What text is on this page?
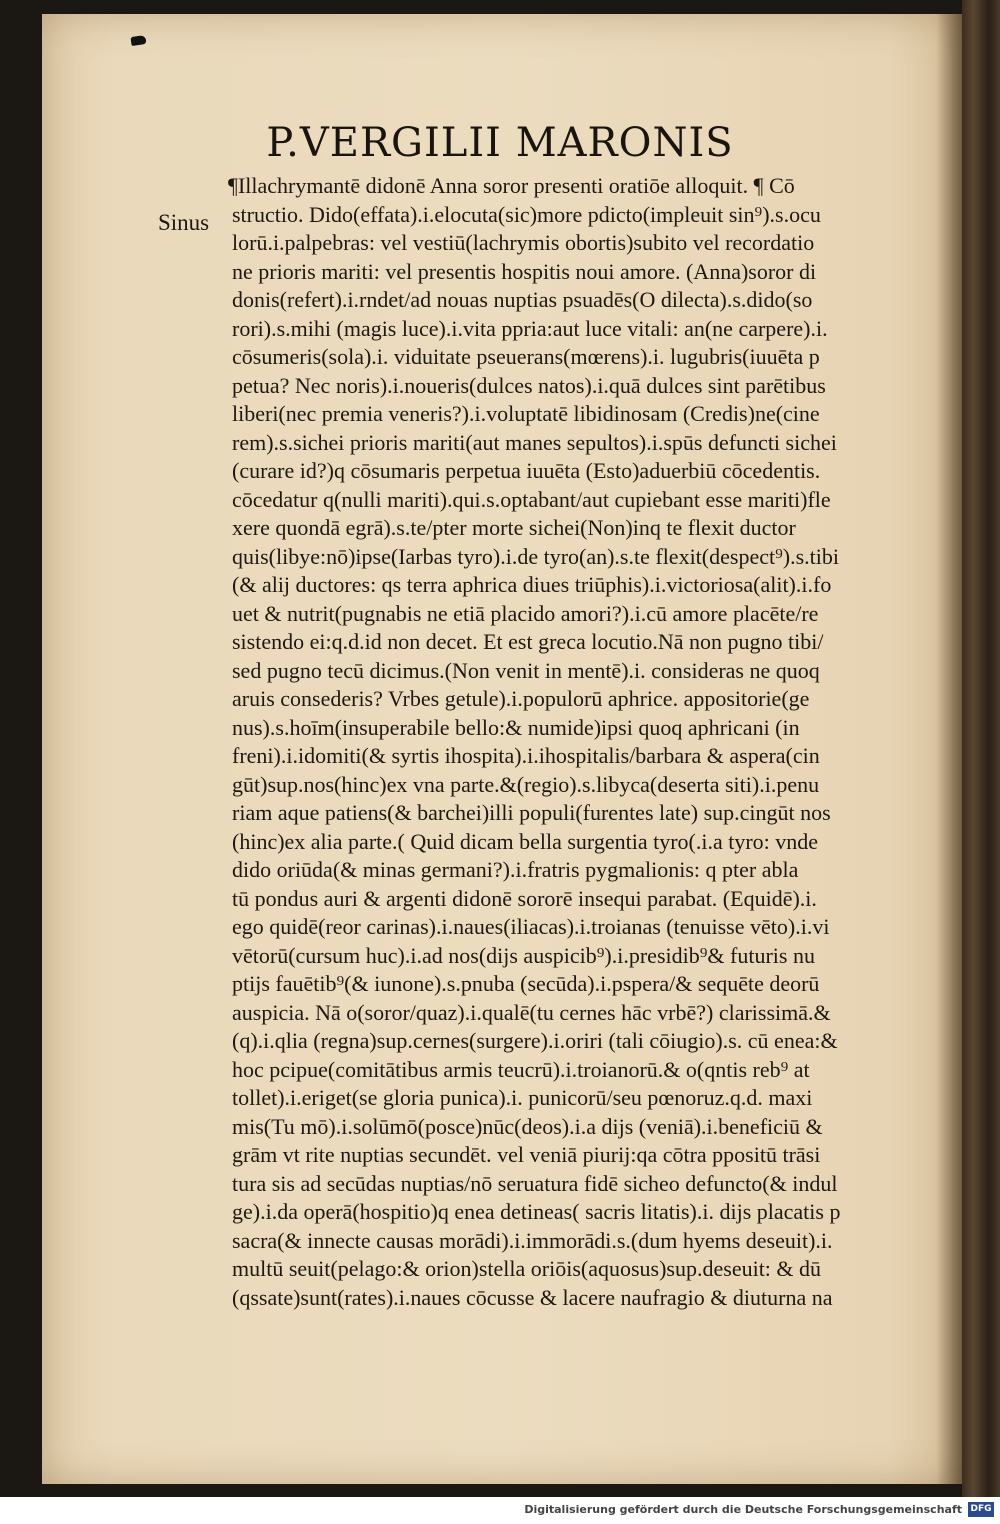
P.VERGILII MARONIS
Sinus
¶Illachrymantē didonē Anna soror presenti oratiōe alloquit. ¶ Cō
structio. Dido(effata).i.elocuta(sic)more pdicto(impleuit sin⁹).s.ocu
lorū.i.palpebras: vel vestiū(lachrymis obortis)subito vel recordatio
ne prioris mariti: vel presentis hospitis noui amore. (Anna)soror di
donis(refert).i.rndet/ad nouas nuptias psuadēs(O dilecta).s.dido(so
rori).s.mihi (magis luce).i.vita ppria:aut luce vitali: an(ne carpere).i.
cōsumeris(sola).i. viduitate pseuerans(mœrens).i. lugubris(iuuēta p
petua? Nec noris).i.noueris(dulces natos).i.quā dulces sint parētibus
liberi(nec premia veneris?).i.voluptatē libidinosam (Credis)ne(cine
rem).s.sichei prioris mariti(aut manes sepultos).i.spūs defuncti sichei
(curare id?)q cōsumaris perpetua iuuēta (Esto)aduerbiū cōcedentis.
cōcedatur q(nulli mariti).qui.s.optabant/aut cupiebant esse mariti)fle
xere quondā egrā).s.te/pter morte sichei(Non)inq te flexit ductor
quis(libye:nō)ipse(Iarbas tyro).i.de tyro(an).s.te flexit(despect⁹).s.tibi
(& alij ductores: qs terra aphrica diues triūphis).i.victoriosa(alit).i.fo
uet & nutrit(pugnabis ne etiā placido amori?).i.cū amore placēte/re
sistendo ei:q.d.id non decet. Et est greca locutio.Nā non pugno tibi/
sed pugno tecū dicimus.(Non venit in mentē).i. consideras ne quoq
aruis consederis? Vrbes getule).i.populorū aphrice. appositorie(ge
nus).s.hoīm(insuperabile bello:& numide)ipsi quoq aphricani (in
freni).i.idomiti(& syrtis ihospita).i.ihospitalis/barbara & aspera(cin
gūt)sup.nos(hinc)ex vna parte.&(regio).s.libyca(deserta siti).i.penu
riam aque patiens(& barchei)illi populi(furentes late) sup.cingūt nos
(hinc)ex alia parte.( Quid dicam bella surgentia tyro(.i.a tyro: vnde
dido oriūda(& minas germani?).i.fratris pygmalionis: q pter abla
tū pondus auri & argenti didonē sororē insequi parabat. (Equidē).i.
ego quidē(reor carinas).i.naues(iliacas).i.troianas (tenuisse vēto).i.vi
vētorū(cursum huc).i.ad nos(dijs auspicib⁹).i.presidib⁹& futuris nu
ptijs fauētib⁹(& iunone).s.pnuba (secūda).i.pspera/& sequēte deorū
auspicia. Nā o(soror/quaz).i.qualē(tu cernes hāc vrbē?) clarissimā.&
(q).i.qlia (regna)sup.cernes(surgere).i.oriri (tali cōiugio).s. cū enea:&
hoc pcipue(comitātibus armis teucrū).i.troianorū.& o(qntis reb⁹ at
tollet).i.eriget(se gloria punica).i. punicorū/seu pœnoruz.q.d. maxi
mis(Tu mō).i.solūmō(posce)nūc(deos).i.a dijs (veniā).i.beneficiū &
grām vt rite nuptias secundēt. vel veniā piurij:qa cōtra ppositū trāsi
tura sis ad secūdas nuptias/nō seruatura fidē sicheo defuncto(& indul
ge).i.da operā(hospitio)q enea detineas( sacris litatis).i. dijs placatis p
sacra(& innecte causas morādi).i.immorādi.s.(dum hyems deseuit).i.
multū seuit(pelago:& orion)stella oriōis(aquosus)sup.deseuit: & dū
(qssate)sunt(rates).i.naues cōcusse & lacere naufragio & diuturna na
Digitalisierung gefördert durch die Deutsche Forschungsgemeinschaft DFG
